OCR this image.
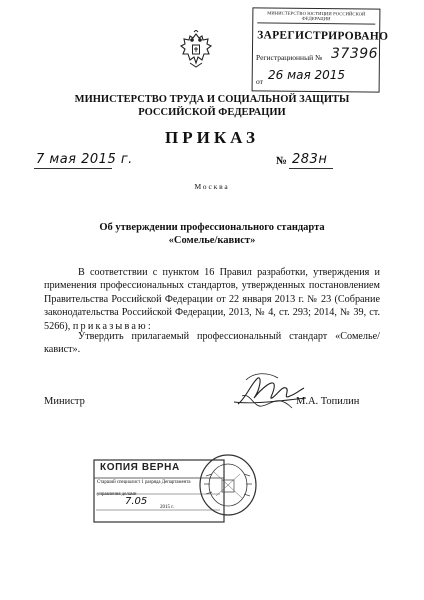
МИНИСТЕРСТВО ЮСТИЦИИ РОССИЙСКОЙ ФЕДЕРАЦИИ
ЗАРЕГИСТРИРОВАНО
Регистрационный № 37396
от 26 мая 2015
МИНИСТЕРСТВО ТРУДА И СОЦИАЛЬНОЙ ЗАЩИТЫ
РОССИЙСКОЙ ФЕДЕРАЦИИ
ПРИКАЗ
7 мая 2015 г.	№ 283н
Москва
Об утверждении профессионального стандарта
«Сомелье/кавист»
В соответствии с пунктом 16 Правил разработки, утверждения и применения профессиональных стандартов, утвержденных постановлением Правительства Российской Федерации от 22 января 2013 г. № 23 (Собрание законодательства Российской Федерации, 2013, № 4, ст. 293; 2014, № 39, ст. 5266), приказываю:
Утвердить прилагаемый профессиональный стандарт «Сомелье/кавист».
Министр	М.А. Топилин
КОПИЯ ВЕРНА
Старший специалист 1 разряда Департамента
управления делами
7.05
2015 г.
